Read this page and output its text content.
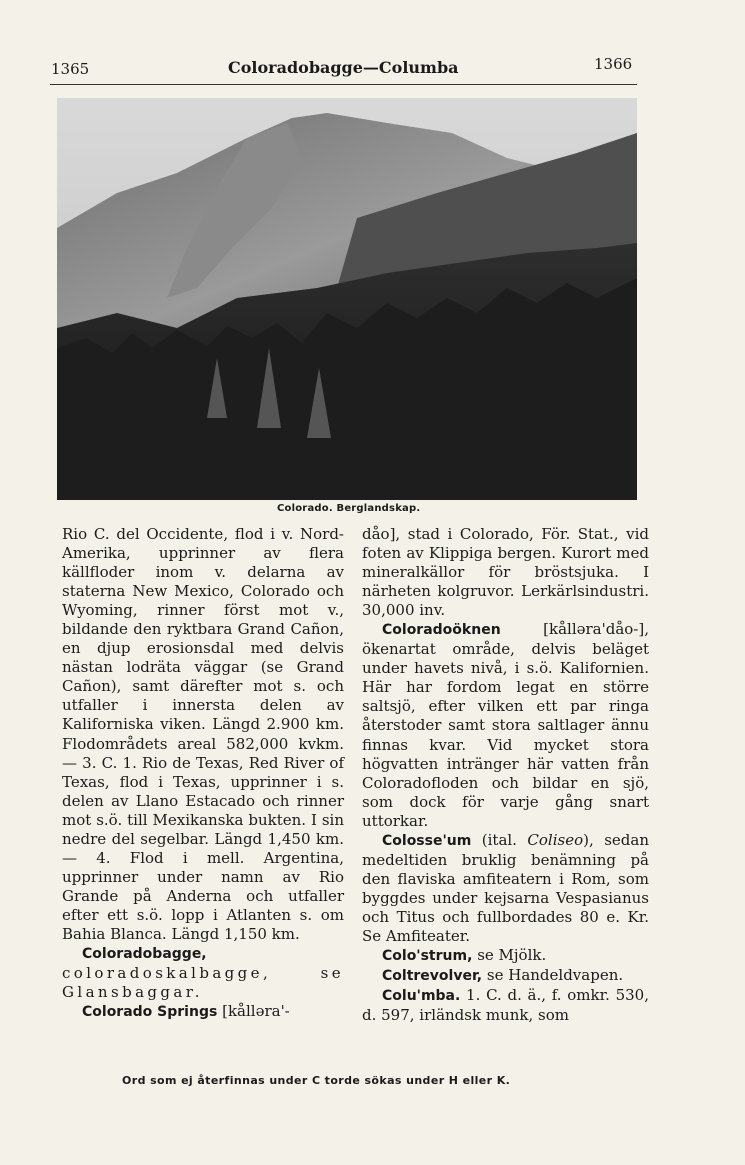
1365	Coloradobagge—Columba	1366
Colorado. Berglandskap.

Rio C. del Occidente, flod i v. Nord-Amerika, upprinner av flera källfloder inom v. delarna av staterna New Mexico, Colorado och Wyoming, rinner först mot v., bildande den ryktbara Grand Cañon, en djup erosionsdal med delvis nästan lodräta väggar (se Grand Cañon), samt därefter mot s. och utfaller i innersta delen av Kaliforniska viken. Längd 2.900 km. Flodområdets areal 582,000 kvkm. — 3. C. 1. Rio de Texas, Red River of Texas, flod i Texas, upprinner i s. delen av Llano Estacado och rinner mot s.ö. till Mexikanska bukten. I sin nedre del segelbar. Längd 1,450 km. — 4. Flod i mell. Argentina, upprinner under namn av Rio Grande på Anderna och utfaller efter ett s.ö. lopp i Atlanten s. om Bahia Blanca. Längd 1,150 km.

Coloradobagge, coloradoskalbagge, se Glansbaggar.

Colorado Springs [kålləra'-

dåo], stad i Colorado, För. Stat., vid foten av Klippiga bergen. Kurort med mineralkällor för bröstsjuka. I närheten kolgruvor. Lerkärlsindustri. 30,000 inv.

Coloradoöknen	[kålləra'dåo-], ökenartat område, delvis beläget under havets nivå, i s.ö. Kalifornien. Här har fordom legat en större saltsjö, efter vilken ett par ringa återstoder samt stora saltlager ännu finnas kvar. Vid mycket stora högvatten intränger här vatten från Coloradofloden och bildar en sjö, som dock för varje gång snart uttorkar.

Colosse'um (ital. Coliseo), sedan medeltiden bruklig benämning på den flaviska amfiteatern i Rom, som byggdes under kejsarna Vespasianus och Titus och fullbordades 80 e. Kr. Se Amfiteater.

Colo'strum, se Mjölk.

Coltrevolver, se Handeldvapen.

Colu'mba. 1. C. d. ä., f. omkr. 530, d. 597, irländsk munk, som

Ord som ej återfinnas under C torde sökas under H eller K.
